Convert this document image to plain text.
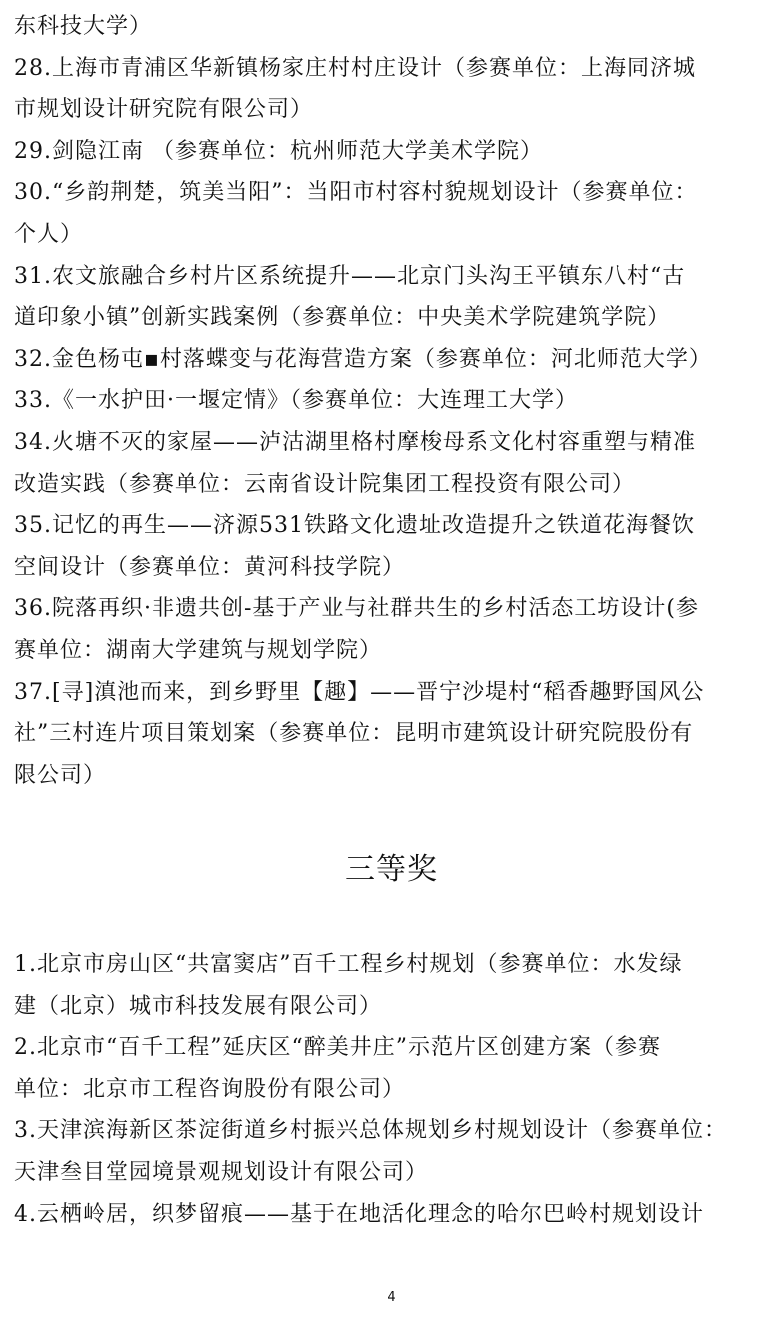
东科技大学）
28.上海市青浦区华新镇杨家庄村村庄设计（参赛单位：上海同济城
市规划设计研究院有限公司）
29.剑隐江南 （参赛单位：杭州师范大学美术学院）
30.“乡韵荆楚，筑美当阳”：当阳市村容村貌规划设计（参赛单位：
个人）
31.农文旅融合乡村片区系统提升——北京门头沟王平镇东八村“古
道印象小镇”创新实践案例（参赛单位：中央美术学院建筑学院）
32.金色杨屯▪村落蝶变与花海营造方案（参赛单位：河北师范大学）
33.《一水护田·一堰定情》（参赛单位：大连理工大学）
34.火塘不灭的家屋——泸沽湖里格村摩梭母系文化村容重塑与精准
改造实践（参赛单位：云南省设计院集团工程投资有限公司）
35.记忆的再生——济源531铁路文化遗址改造提升之铁道花海餐饮
空间设计（参赛单位：黄河科技学院）
36.院落再织·非遗共创-基于产业与社群共生的乡村活态工坊设计(参
赛单位：湖南大学建筑与规划学院）
37.[寻]滇池而来，到乡野里【趣】——晋宁沙堤村“稻香趣野国风公
社”三村连片项目策划案（参赛单位：昆明市建筑设计研究院股份有
限公司）
三等奖
1.北京市房山区“共富窦店”百千工程乡村规划（参赛单位：水发绿
建（北京）城市科技发展有限公司）
2.北京市“百千工程”延庆区“醉美井庄”示范片区创建方案（参赛
单位：北京市工程咨询股份有限公司）
3.天津滨海新区茶淀街道乡村振兴总体规划乡村规划设计（参赛单位：
天津叁目堂园境景观规划设计有限公司）
4.云栖岭居，织梦留痕——基于在地活化理念的哈尔巴岭村规划设计
4
